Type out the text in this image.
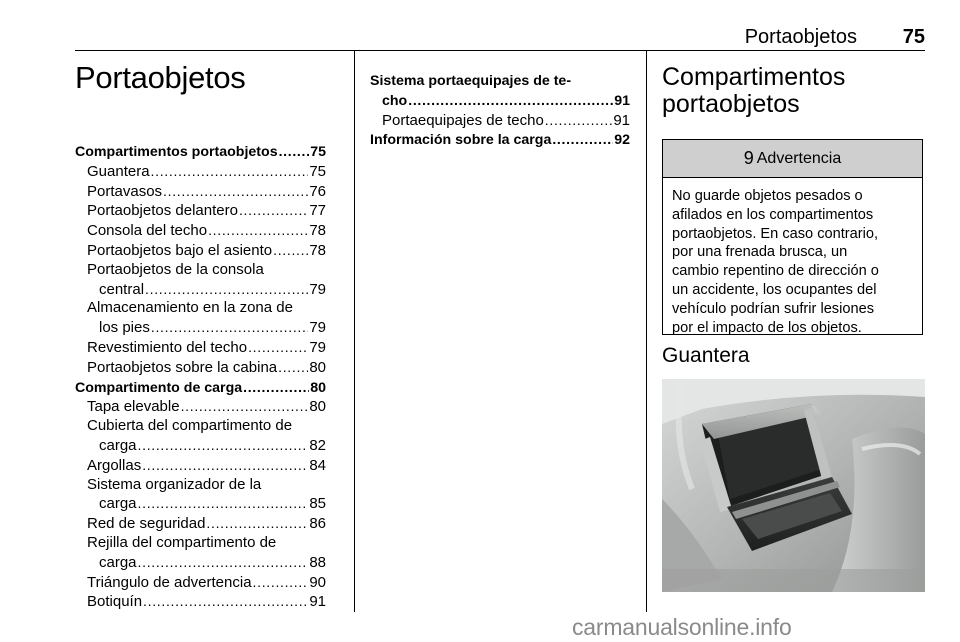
Portaobjetos 75
Portaobjetos
Compartimentos portaobjetos . . . 75
Guantera . . .	75
Portavasos . . .	76
Portaobjetos delantero . . .	77
Consola del techo . . .	78
Portaobjetos bajo el asiento . . . 78
Portaobjetos de la consola
central . . .	79
Almacenamiento en la zona de
los pies . . .	79
Revestimiento del techo . . .	79
Portaobjetos sobre la cabina . . . 80
Compartimento de carga . . .	80
Tapa elevable . . .	80
Cubierta del compartimento de
carga . . .	82
Argollas . . .	84
Sistema organizador de la
carga . . .	85
Red de seguridad . . .	86
Rejilla del compartimento de
carga . . .	88
Triángulo de advertencia . . .	90
Botiquín . . .	91
Sistema portaequipajes de te-
cho . . .	91
Portaequipajes de techo . . .	91
Información sobre la carga . . .	92
Compartimentos
portaobjetos
9 Advertencia
No guarde objetos pesados o
afilados en los compartimentos
portaobjetos. En caso contrario,
por una frenada brusca, un
cambio repentino de dirección o
un accidente, los ocupantes del
vehículo podrían sufrir lesiones
por el impacto de los objetos.
Guantera
carmanualsonline.info
